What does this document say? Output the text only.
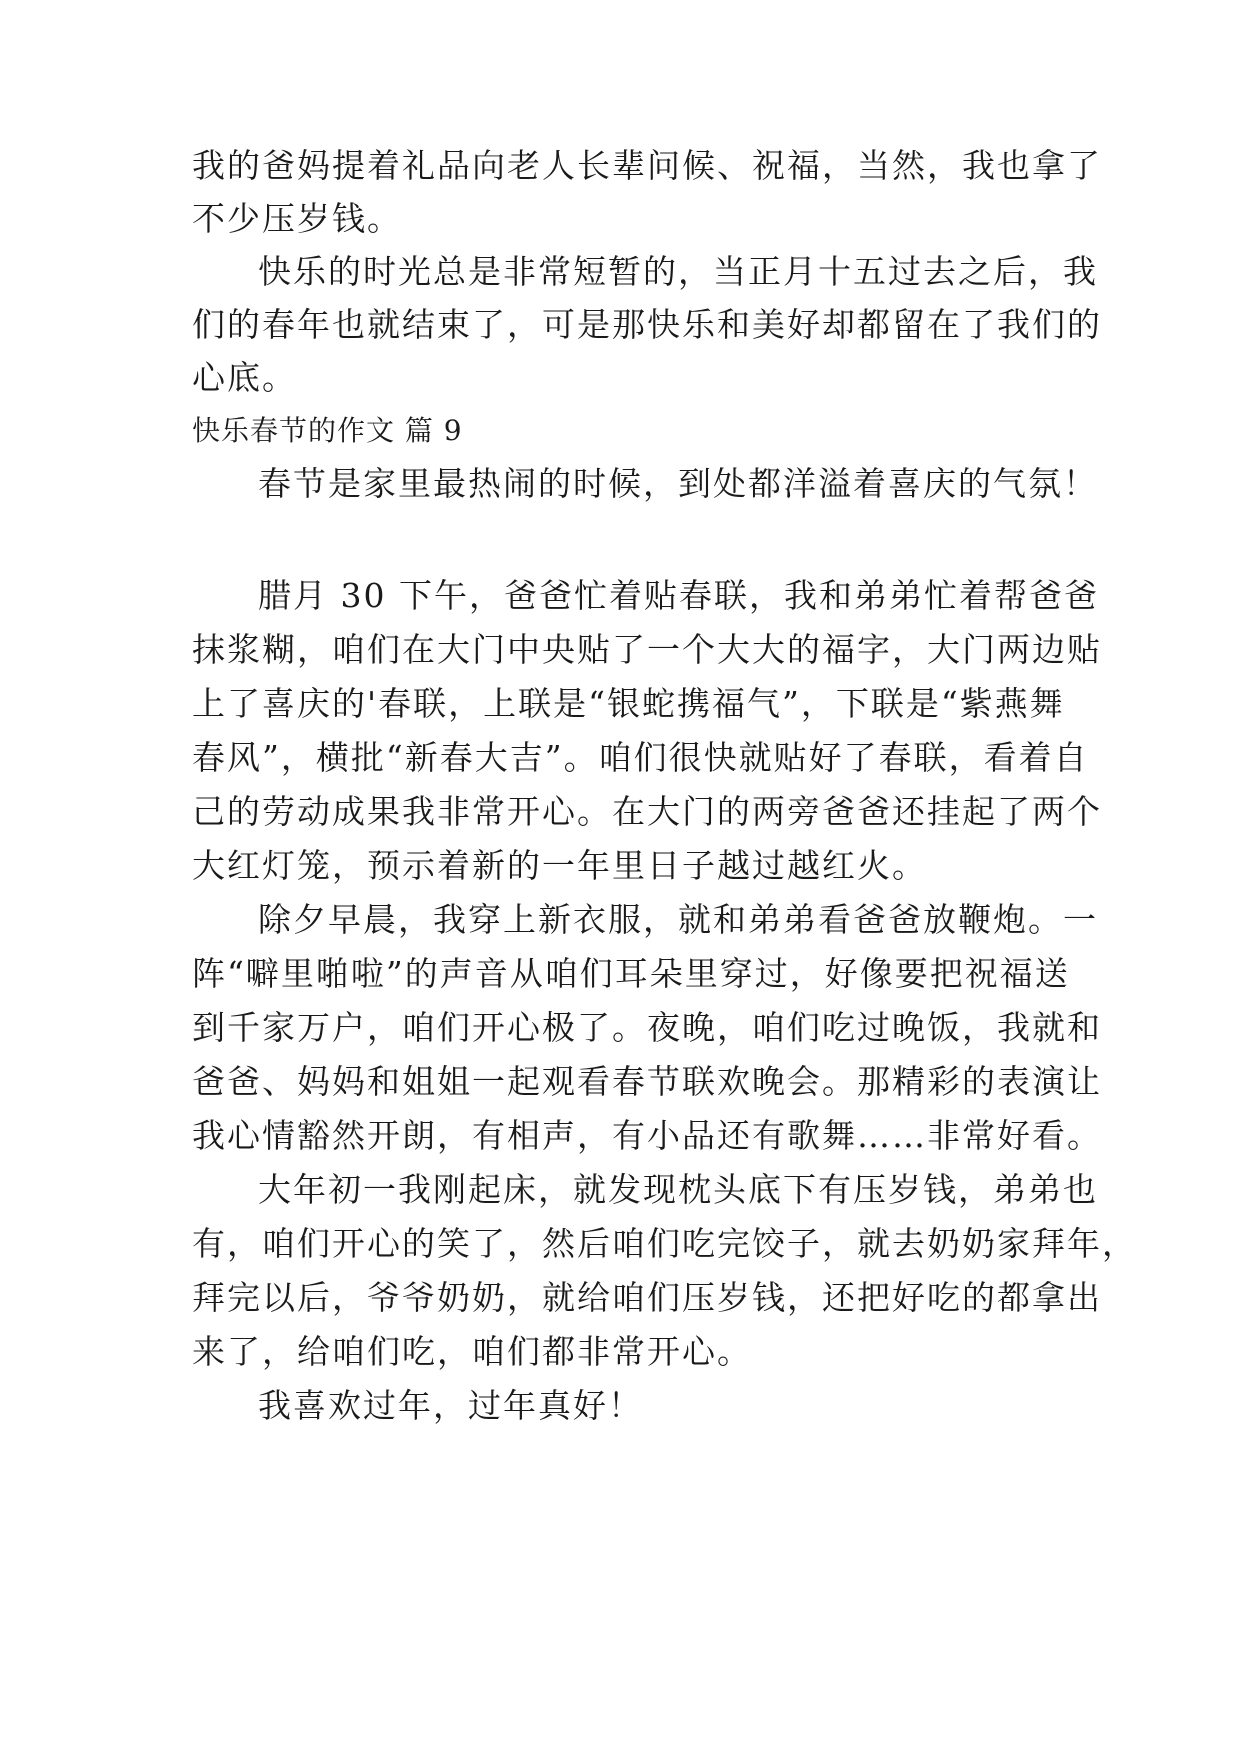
我的爸妈提着礼品向老人长辈问候、祝福，当然，我也拿了
不少压岁钱。
快乐的时光总是非常短暂的，当正月十五过去之后，我
们的春年也就结束了，可是那快乐和美好却都留在了我们的
心底。
快乐春节的作文 篇 9
春节是家里最热闹的时候，到处都洋溢着喜庆的气氛！
腊月 30 下午，爸爸忙着贴春联，我和弟弟忙着帮爸爸
抹浆糊，咱们在大门中央贴了一个大大的福字，大门两边贴
上了喜庆的'春联，上联是“银蛇携福气”，下联是“紫燕舞
春风”，横批“新春大吉”。咱们很快就贴好了春联，看着自
己的劳动成果我非常开心。在大门的两旁爸爸还挂起了两个
大红灯笼，预示着新的一年里日子越过越红火。
除夕早晨，我穿上新衣服，就和弟弟看爸爸放鞭炮。一
阵“噼里啪啦”的声音从咱们耳朵里穿过，好像要把祝福送
到千家万户，咱们开心极了。夜晚，咱们吃过晚饭，我就和
爸爸、妈妈和姐姐一起观看春节联欢晚会。那精彩的表演让
我心情豁然开朗，有相声，有小品还有歌舞……非常好看。
大年初一我刚起床，就发现枕头底下有压岁钱，弟弟也
有，咱们开心的笑了，然后咱们吃完饺子，就去奶奶家拜年，
拜完以后，爷爷奶奶，就给咱们压岁钱，还把好吃的都拿出
来了，给咱们吃，咱们都非常开心。
我喜欢过年，过年真好！
